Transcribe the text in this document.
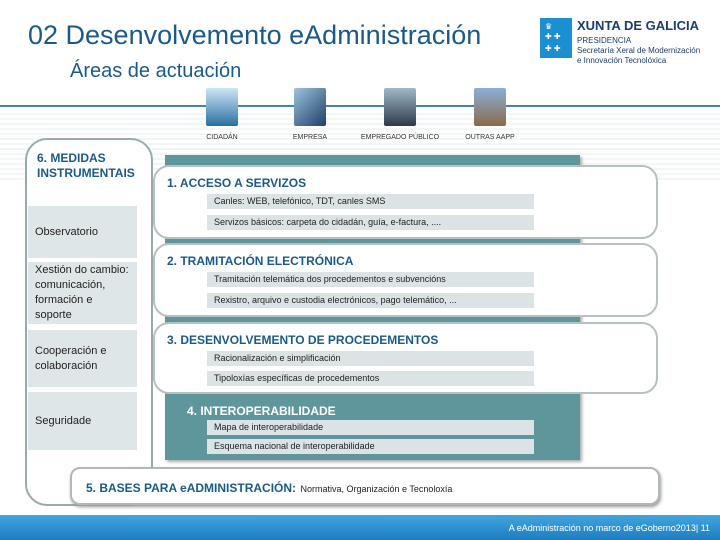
02 Desenvolvemento eAdministración
Áreas de actuación
♛
✚ ✚
✚ ✚
XUNTA DE GALICIA
PRESIDENCIA
Secretaría Xeral de Modernización
e Innovación Tecnolóxica
CIDADÁN	EMPRESA	EMPREGADO PÚBLICO	OUTRAS AAPP
6. MEDIDAS INSTRUMENTAIS
Observatorio
Xestión do cambio: comunicación, formación e soporte
Cooperación e colaboración
Seguridade
1. ACCESO A SERVIZOS
Canles: WEB, telefónico, TDT, canles SMS
Servizos básicos: carpeta do cidadán, guía, e-factura, ....
2. TRAMITACIÓN ELECTRÓNICA
Tramitación telemática dos procedementos e subvencións
Rexistro, arquivo e custodia electrónicos, pago telemático, ...
3. DESENVOLVEMENTO DE PROCEDEMENTOS
Racionalización e simplificación
Tipoloxías específicas de procedementos
4. INTEROPERABILIDADE
Mapa de interoperabilidade
Esquema nacional de interoperabilidade
5. BASES PARA eADMINISTRACIÓN: Normativa, Organización e Tecnoloxía
A eAdministración no marco de eGoberno2013| 11
